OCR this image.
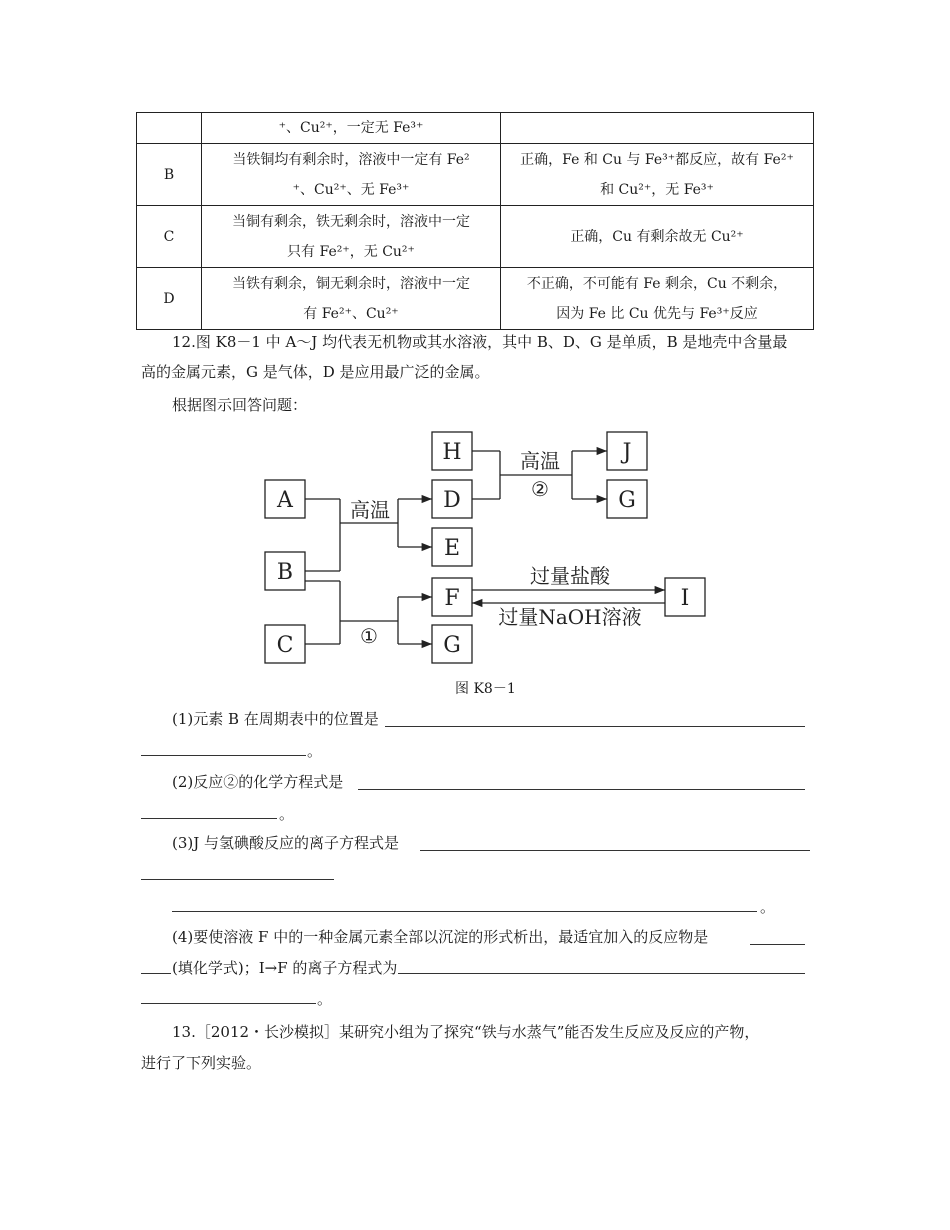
	⁺、Cu²⁺，一定无 Fe³⁺	
B	当铁铜均有剩余时，溶液中一定有 Fe²
⁺、Cu²⁺、无 Fe³⁺	正确，Fe 和 Cu 与 Fe³⁺都反应，故有 Fe²⁺
和 Cu²⁺，无 Fe³⁺
C	当铜有剩余，铁无剩余时，溶液中一定
只有 Fe²⁺，无 Cu²⁺	正确，Cu 有剩余故无 Cu²⁺
D	当铁有剩余，铜无剩余时，溶液中一定
有 Fe²⁺、Cu²⁺	不正确，不可能有 Fe 剩余，Cu 不剩余，
因为 Fe 比 Cu 优先与 Fe³⁺反应
12.图 K8－1 中 A～J 均代表无机物或其水溶液，其中 B、D、G 是单质，B 是地壳中含量最
高的金属元素，G 是气体，D 是应用最广泛的金属。
根据图示回答问题：
A
B
C
H
D
E
F
G
J
G
I
高温
高温
②
①
过量盐酸
过量NaOH溶液
图 K8－1
(1)元素 B 在周期表中的位置是
。
(2)反应②的化学方程式是
。
(3)J 与氢碘酸反应的离子方程式是
。
(4)要使溶液 F 中的一种金属元素全部以沉淀的形式析出，最适宜加入的反应物是
(填化学式)；I→F 的离子方程式为
。
13.［2012・长沙模拟］某研究小组为了探究“铁与水蒸气”能否发生反应及反应的产物，
进行了下列实验。
